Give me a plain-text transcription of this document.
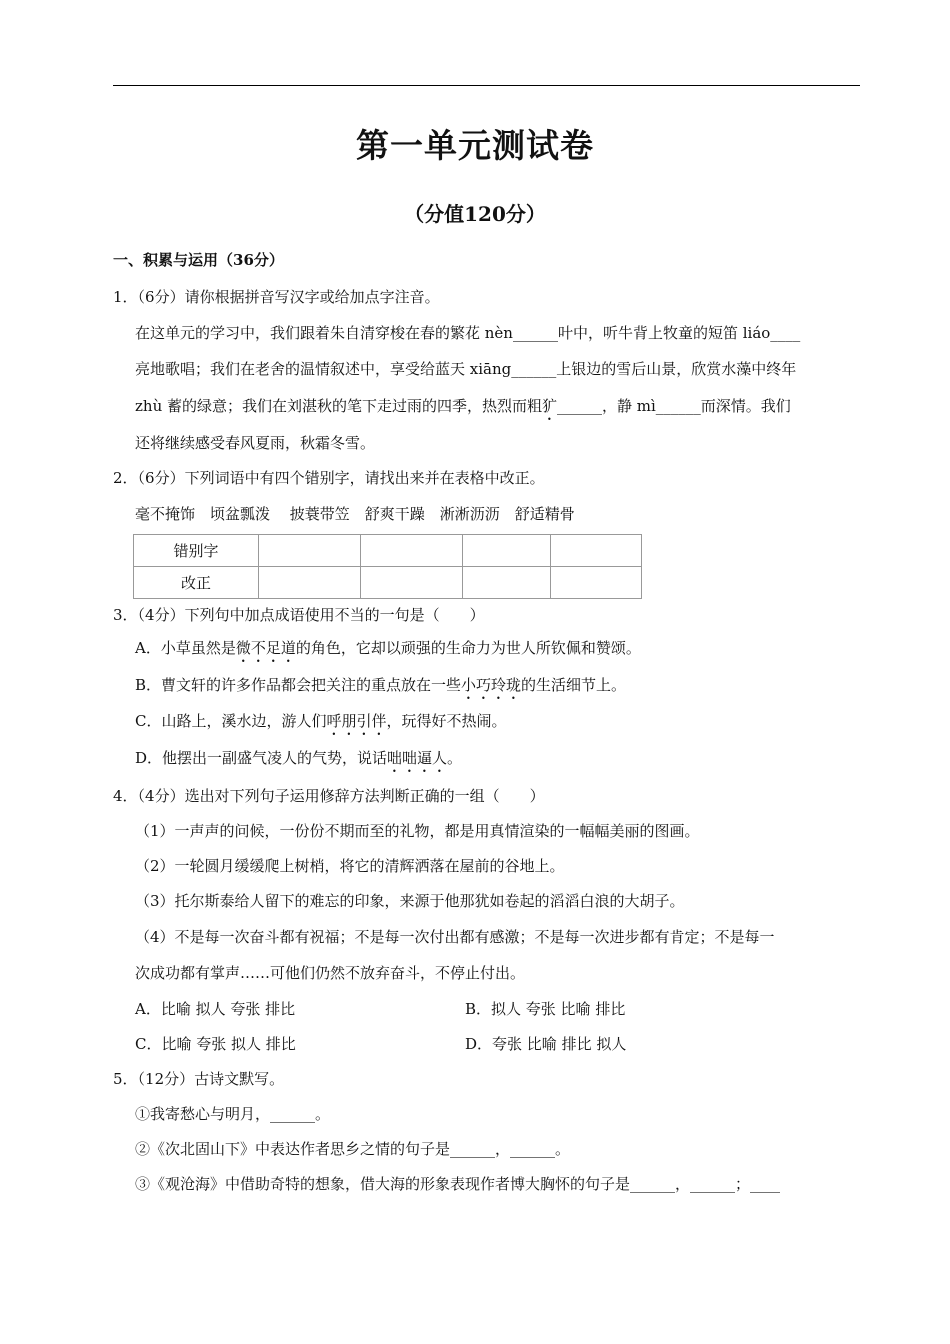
第一单元测试卷
（分值120分）
一、积累与运用（36分）
1．（6分）请你根据拼音写汉字或给加点字注音。
在这单元的学习中，我们跟着朱自清穿梭在春的繁花 nèn______叶中，听牛背上牧童的短笛 liáo____
亮地歌唱；我们在老舍的温情叙述中，享受给蓝天 xiāng______上银边的雪后山景，欣赏水藻中终年
zhù 蓄的绿意；我们在刘湛秋的笔下走过雨的四季，热烈而粗犷______，静 mì______而深情。我们
还将继续感受春风夏雨，秋霜冬雪。
2．（6分）下列词语中有四个错别字，请找出来并在表格中改正。
毫不掩饰　顷盆瓢泼　 披蓑带笠　舒爽干躁　淅淅沥沥　舒适精骨
错别字				
改正				
3．（4分）下列句中加点成语使用不当的一句是（　　）
A．小草虽然是微不足道的角色，它却以顽强的生命力为世人所钦佩和赞颂。
B．曹文轩的许多作品都会把关注的重点放在一些小巧玲珑的生活细节上。
C．山路上，溪水边，游人们呼朋引伴，玩得好不热闹。
D．他摆出一副盛气凌人的气势，说话咄咄逼人。
4．（4分）选出对下列句子运用修辞方法判断正确的一组（　　）
（1）一声声的问候，一份份不期而至的礼物，都是用真情渲染的一幅幅美丽的图画。
（2）一轮圆月缓缓爬上树梢，将它的清辉洒落在屋前的谷地上。
（3）托尔斯泰给人留下的难忘的印象，来源于他那犹如卷起的滔滔白浪的大胡子。
（4）不是每一次奋斗都有祝福；不是每一次付出都有感激；不是每一次进步都有肯定；不是每一
次成功都有掌声……可他们仍然不放弃奋斗，不停止付出。
A．比喻 拟人 夸张 排比	B．拟人 夸张 比喻 排比
C．比喻 夸张 拟人 排比	D．夸张 比喻 排比 拟人
5．（12分）古诗文默写。
①我寄愁心与明月，______。
②《次北固山下》中表达作者思乡之情的句子是______，______。
③《观沧海》中借助奇特的想象，借大海的形象表现作者博大胸怀的句子是______，______；____
